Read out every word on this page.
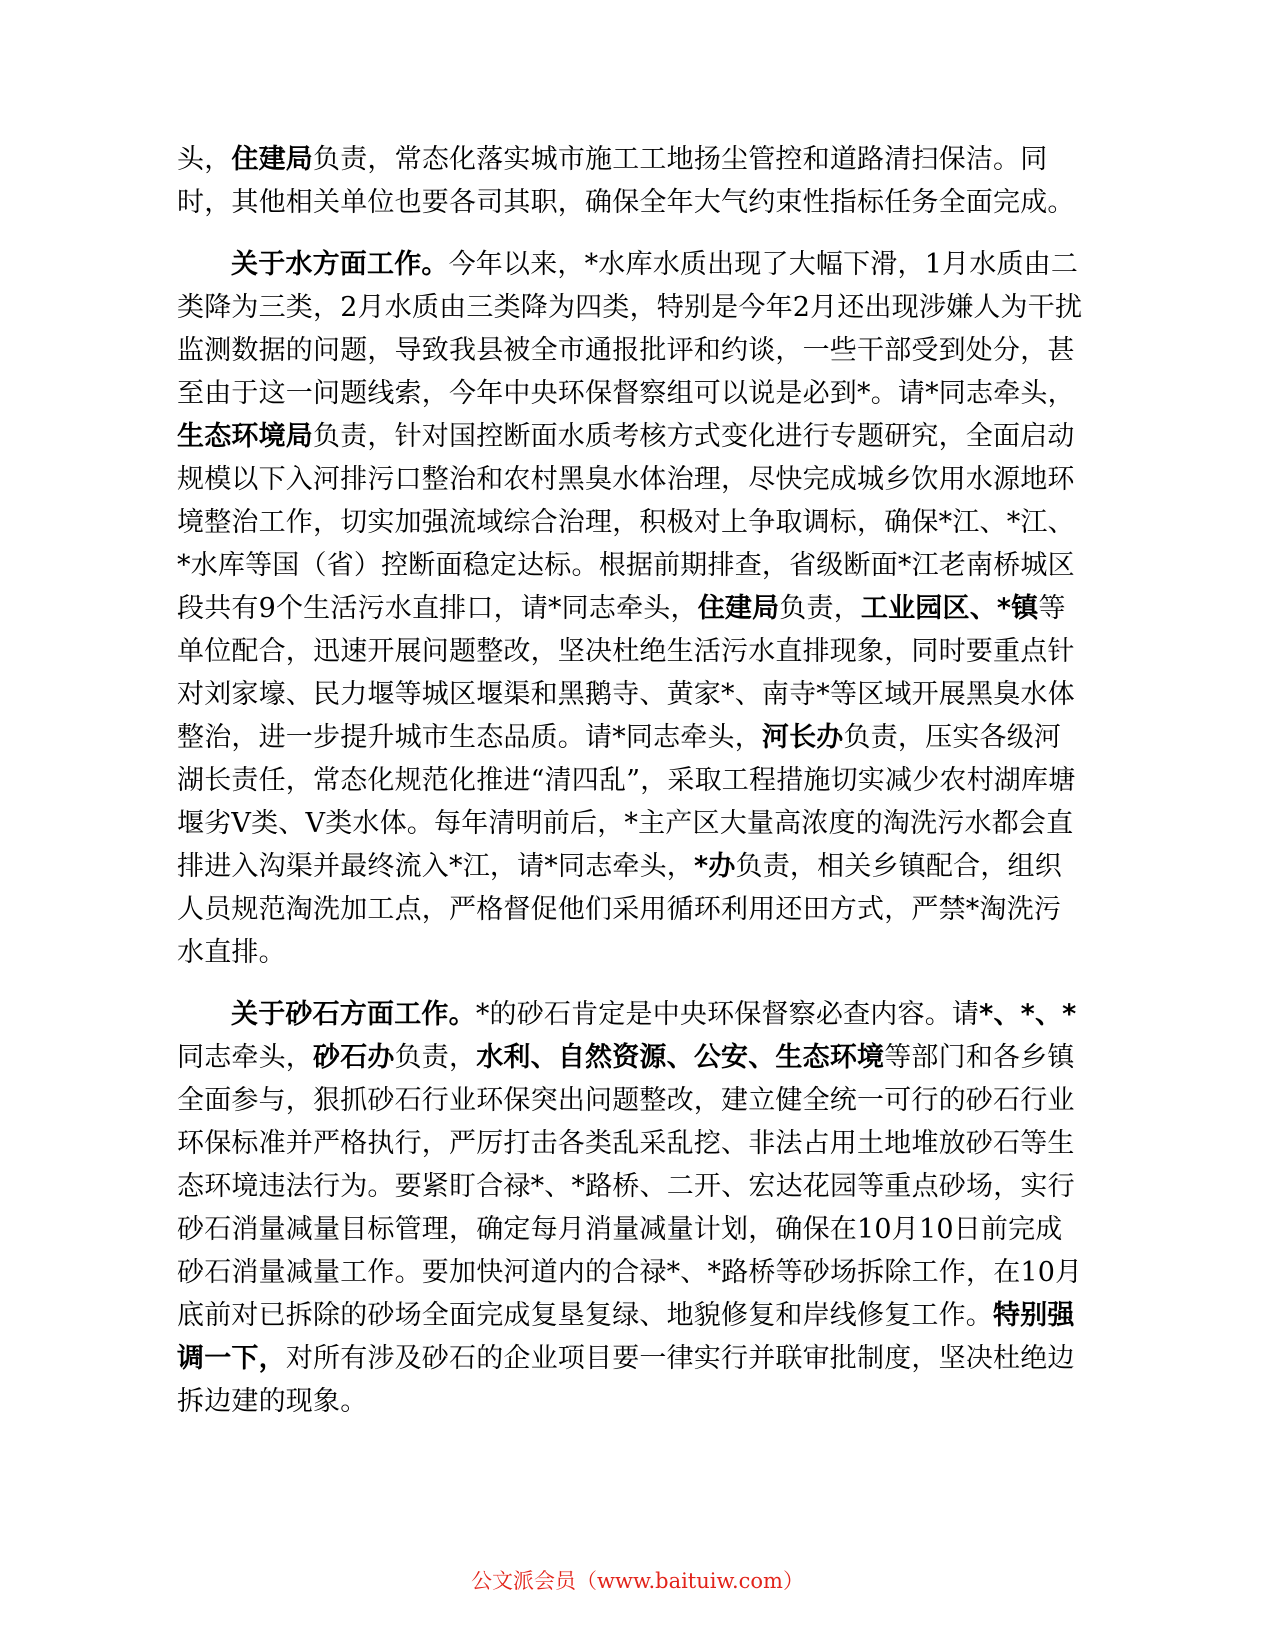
头，住建局负责，常态化落实城市施工工地扬尘管控和道路清扫保洁。同时，其他相关单位也要各司其职，确保全年大气约束性指标任务全面完成。

关于水方面工作。今年以来，*水库水质出现了大幅下滑，1月水质由二类降为三类，2月水质由三类降为四类，特别是今年2月还出现涉嫌人为干扰监测数据的问题，导致我县被全市通报批评和约谈，一些干部受到处分，甚至由于这一问题线索，今年中央环保督察组可以说是必到*。请*同志牵头，生态环境局负责，针对国控断面水质考核方式变化进行专题研究，全面启动规模以下入河排污口整治和农村黑臭水体治理，尽快完成城乡饮用水源地环境整治工作，切实加强流域综合治理，积极对上争取调标，确保*江、*江、*水库等国（省）控断面稳定达标。根据前期排查，省级断面*江老南桥城区段共有9个生活污水直排口，请*同志牵头，住建局负责，工业园区、*镇等单位配合，迅速开展问题整改，坚决杜绝生活污水直排现象，同时要重点针对刘家壕、民力堰等城区堰渠和黑鹅寺、黄家*、南寺*等区域开展黑臭水体整治，进一步提升城市生态品质。请*同志牵头，河长办负责，压实各级河湖长责任，常态化规范化推进“清四乱”，采取工程措施切实减少农村湖库塘堰劣Ⅴ类、Ⅴ类水体。每年清明前后，*主产区大量高浓度的淘洗污水都会直排进入沟渠并最终流入*江，请*同志牵头，*办负责，相关乡镇配合，组织人员规范淘洗加工点，严格督促他们采用循环利用还田方式，严禁*淘洗污水直排。

关于砂石方面工作。*的砂石肯定是中央环保督察必查内容。请*、*、*同志牵头，砂石办负责，水利、自然资源、公安、生态环境等部门和各乡镇全面参与，狠抓砂石行业环保突出问题整改，建立健全统一可行的砂石行业环保标准并严格执行，严厉打击各类乱采乱挖、非法占用土地堆放砂石等生态环境违法行为。要紧盯合禄*、*路桥、二开、宏达花园等重点砂场，实行砂石消量减量目标管理，确定每月消量减量计划，确保在10月10日前完成砂石消量减量工作。要加快河道内的合禄*、*路桥等砂场拆除工作，在10月底前对已拆除的砂场全面完成复垦复绿、地貌修复和岸线修复工作。特别强调一下，对所有涉及砂石的企业项目要一律实行并联审批制度，坚决杜绝边拆边建的现象。

公文派会员（www.baituiw.com）
